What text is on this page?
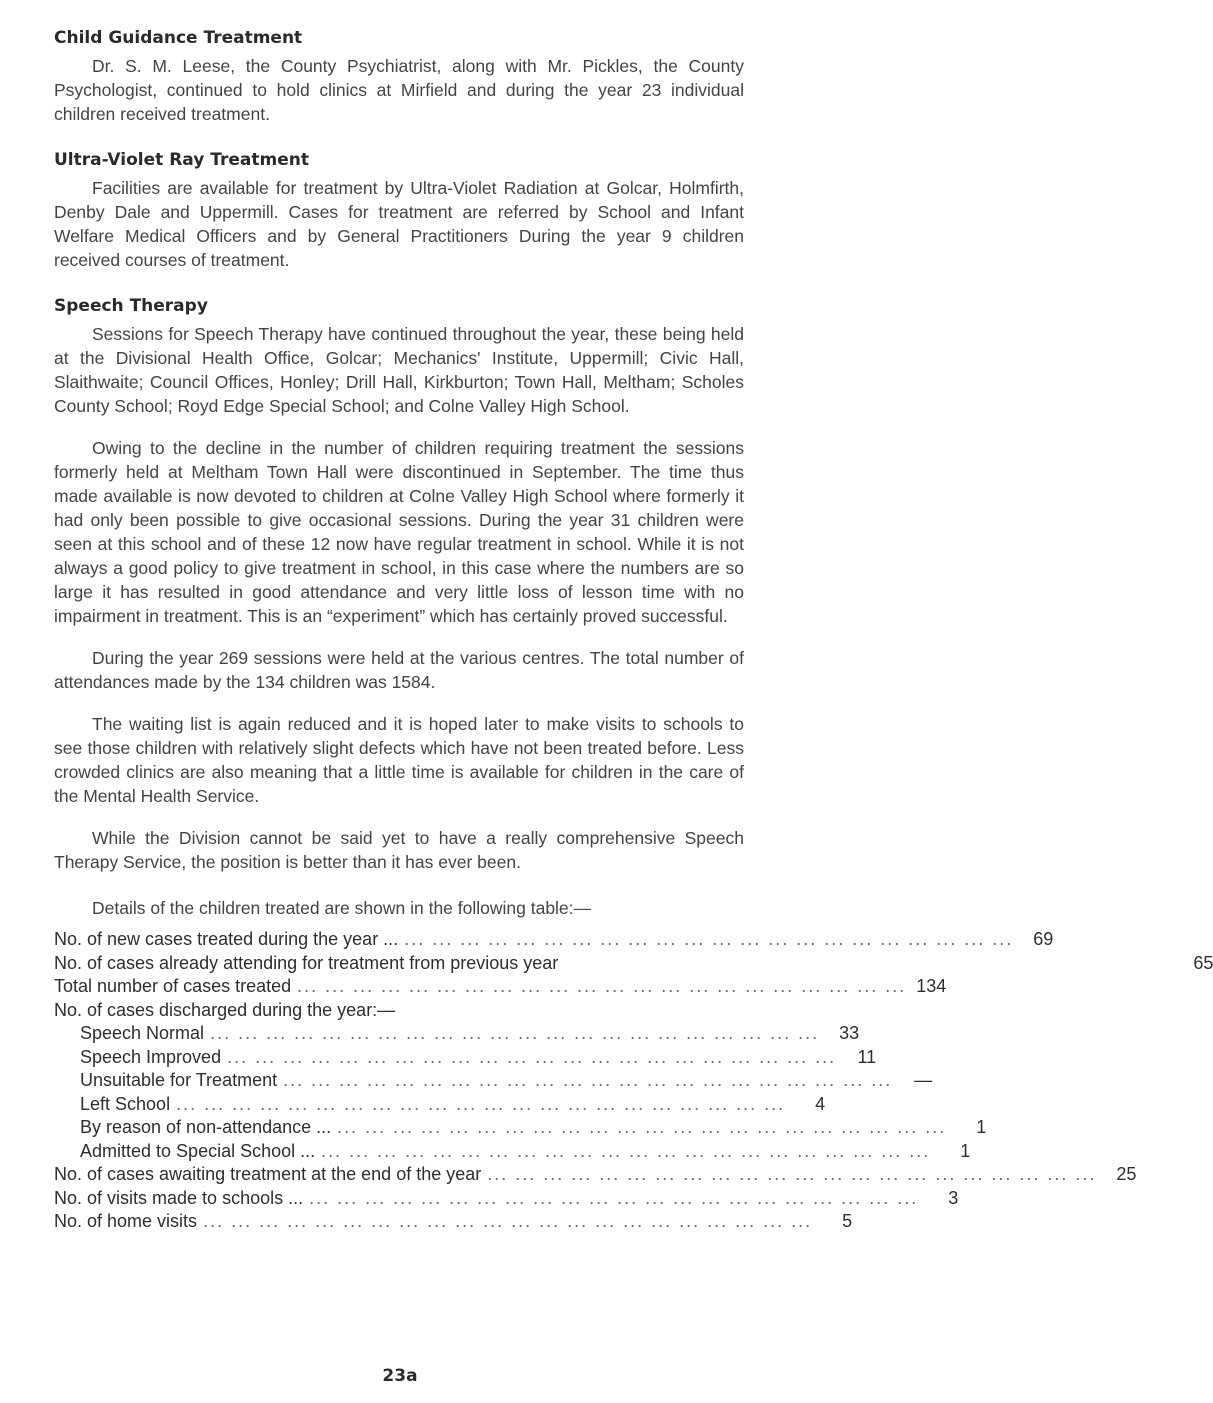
Child Guidance Treatment

Dr. S. M. Leese, the County Psychiatrist, along with Mr. Pickles, the County Psychologist, continued to hold clinics at Mirfield and during the year 23 individual children received treatment.

Ultra-Violet Ray Treatment

Facilities are available for treatment by Ultra-Violet Radiation at Golcar, Holmfirth, Denby Dale and Uppermill. Cases for treatment are referred by School and Infant Welfare Medical Officers and by General Practitioners During the year 9 children received courses of treatment.

Speech Therapy

Sessions for Speech Therapy have continued throughout the year, these being held at the Divisional Health Office, Golcar; Mechanics' Institute, Uppermill; Civic Hall, Slaithwaite; Council Offices, Honley; Drill Hall, Kirkburton; Town Hall, Meltham; Scholes County School; Royd Edge Special School; and Colne Valley High School.

Owing to the decline in the number of children requiring treatment the sessions formerly held at Meltham Town Hall were discontinued in September. The time thus made available is now devoted to children at Colne Valley High School where formerly it had only been possible to give occasional sessions. During the year 31 children were seen at this school and of these 12 now have regular treatment in school. While it is not always a good policy to give treatment in school, in this case where the numbers are so large it has resulted in good attendance and very little loss of lesson time with no impairment in treatment. This is an “experiment” which has certainly proved successful.

During the year 269 sessions were held at the various centres. The total number of attendances made by the 134 children was 1584.

The waiting list is again reduced and it is hoped later to make visits to schools to see those children with relatively slight defects which have not been treated before. Less crowded clinics are also meaning that a little time is available for children in the care of the Mental Health Service.

While the Division cannot be said yet to have a really comprehensive Speech Therapy Service, the position is better than it has ever been.

Details of the children treated are shown in the following table:—

No. of new cases treated during the year ... ... ... ... ... ... ... ... ... ... ... ... ... ... ... ... ... ... ... ... ... ... ...	69
No. of cases already attending for treatment from previous year	65
Total number of cases treated ... ... ... ... ... ... ... ... ... ... ... ... ... ... ... ... ... ... ... ... ... ... 134
No. of cases discharged during the year:—
Speech Normal ... ... ... ... ... ... ... ... ... ... ... ... ... ... ... ... ... ... ... ... ... ...	33
Speech Improved ... ... ... ... ... ... ... ... ... ... ... ... ... ... ... ... ... ... ... ... ... ...	11
Unsuitable for Treatment ... ... ... ... ... ... ... ... ... ... ... ... ... ... ... ... ... ... ... ... ... ...	—
Left School ... ... ... ... ... ... ... ... ... ... ... ... ... ... ... ... ... ... ... ... ... ...	4
By reason of non-attendance ... ... ... ... ... ... ... ... ... ... ... ... ... ... ... ... ... ... ... ... ... ... ...	1
Admitted to Special School ... ... ... ... ... ... ... ... ... ... ... ... ... ... ... ... ... ... ... ... ... ... ...	1
No. of cases awaiting treatment at the end of the year ... ... ... ... ... ... ... ... ... ... ... ... ... ... ... ... ... ... ... ... ... ...	25
No. of visits made to schools ... ... ... ... ... ... ... ... ... ... ... ... ... ... ... ... ... ... ... ... ... ... ...	3
No. of home visits ... ... ... ... ... ... ... ... ... ... ... ... ... ... ... ... ... ... ... ... ... ...	5
23a
